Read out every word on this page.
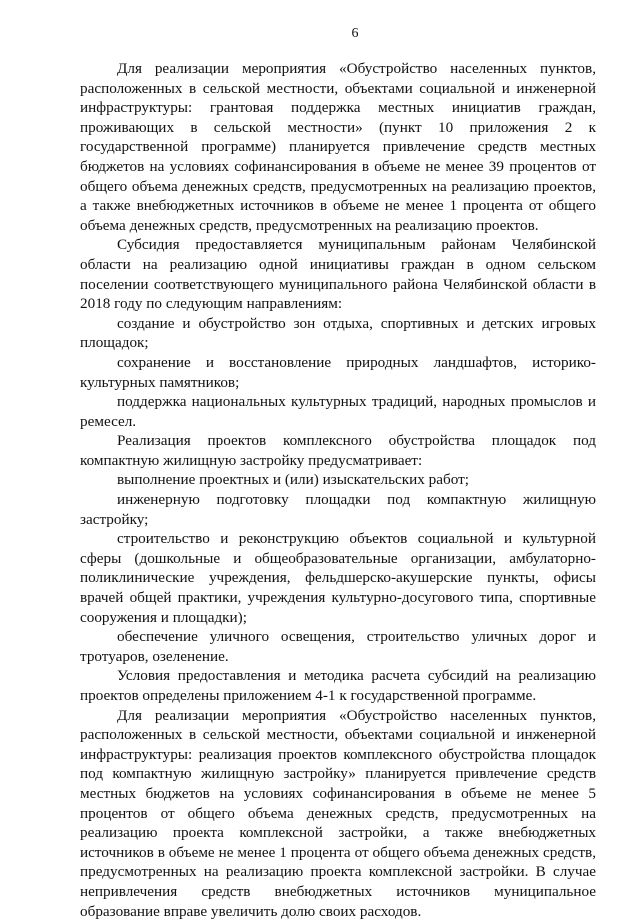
6

Для реализации мероприятия «Обустройство населенных пунктов, расположенных в сельской местности, объектами социальной и инженерной инфраструктуры: грантовая поддержка местных инициатив граждан, проживающих в сельской местности» (пункт 10 приложения 2 к государственной программе) планируется привлечение средств местных бюджетов на условиях софинансирования в объеме не менее 39 процентов от общего объема денежных средств, предусмотренных на реализацию проектов, а также внебюджетных источников в объеме не менее 1 процента от общего объема денежных средств, предусмотренных на реализацию проектов.

Субсидия предоставляется муниципальным районам Челябинской области на реализацию одной инициативы граждан в одном сельском поселении соответствующего муниципального района Челябинской области в 2018 году по следующим направлениям:

создание и обустройство зон отдыха, спортивных и детских игровых площадок;

сохранение и восстановление природных ландшафтов, историко-культурных памятников;

поддержка национальных культурных традиций, народных промыслов и ремесел.

Реализация проектов комплексного обустройства площадок под компактную жилищную застройку предусматривает:

выполнение проектных и (или) изыскательских работ;

инженерную подготовку площадки под компактную жилищную застройку;

строительство и реконструкцию объектов социальной и культурной сферы (дошкольные и общеобразовательные организации, амбулаторно-поликлинические учреждения, фельдшерско-акушерские пункты, офисы врачей общей практики, учреждения культурно-досугового типа, спортивные сооружения и площадки);

обеспечение уличного освещения, строительство уличных дорог и тротуаров, озеленение.

Условия предоставления и методика расчета субсидий на реализацию проектов определены приложением 4-1 к государственной программе.

Для реализации мероприятия «Обустройство населенных пунктов, расположенных в сельской местности, объектами социальной и инженерной инфраструктуры: реализация проектов комплексного обустройства площадок под компактную жилищную застройку» планируется привлечение средств местных бюджетов на условиях софинансирования в объеме не менее 5 процентов от общего объема денежных средств, предусмотренных на реализацию проекта комплексной застройки, а также внебюджетных источников в объеме не менее 1 процента от общего объема денежных средств, предусмотренных на реализацию проекта комплексной застройки. В случае непривлечения средств внебюджетных источников муниципальное образование вправе увеличить долю своих расходов.
